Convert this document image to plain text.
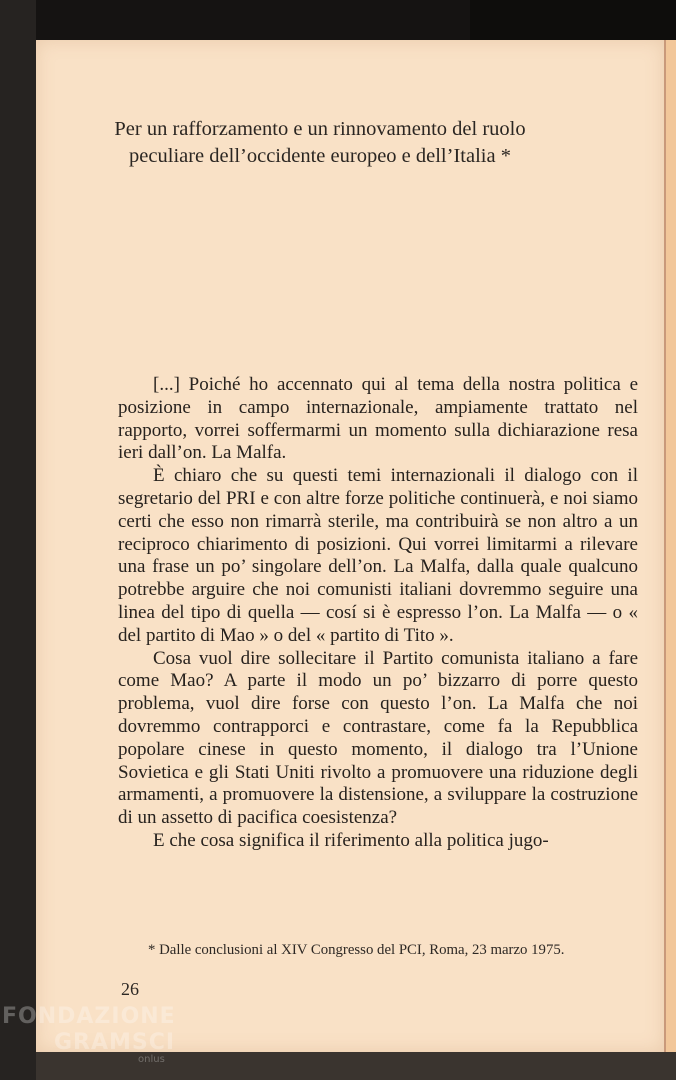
Per un rafforzamento e un rinnovamento del ruolo peculiare dell’occidente europeo e dell’Italia *

[...] Poiché ho accennato qui al tema della nostra politica e posizione in campo internazionale, ampiamente trattato nel rapporto, vorrei soffermarmi un momento sulla dichiarazione resa ieri dall’on. La Malfa.

È chiaro che su questi temi internazionali il dialogo con il segretario del PRI e con altre forze politiche continuerà, e noi siamo certi che esso non rimarrà sterile, ma contribuirà se non altro a un reciproco chiarimento di posizioni. Qui vorrei limitarmi a rilevare una frase un po’ singolare dell’on. La Malfa, dalla quale qualcuno potrebbe arguire che noi comunisti italiani dovremmo seguire una linea del tipo di quella — cosí si è espresso l’on. La Malfa — o « del partito di Mao » o del « partito di Tito ».

Cosa vuol dire sollecitare il Partito comunista italiano a fare come Mao? A parte il modo un po’ bizzarro di porre questo problema, vuol dire forse con questo l’on. La Malfa che noi dovremmo contrapporci e contrastare, come fa la Repubblica popolare cinese in questo momento, il dialogo tra l’Unione Sovietica e gli Stati Uniti rivolto a promuovere una riduzione degli armamenti, a promuovere la distensione, a sviluppare la costruzione di un assetto di pacifica coesistenza?

E che cosa significa il riferimento alla politica jugo-

* Dalle conclusioni al XIV Congresso del PCI, Roma, 23 marzo 1975.
26
FONDAZIONE
GRAMSCI
onlus
